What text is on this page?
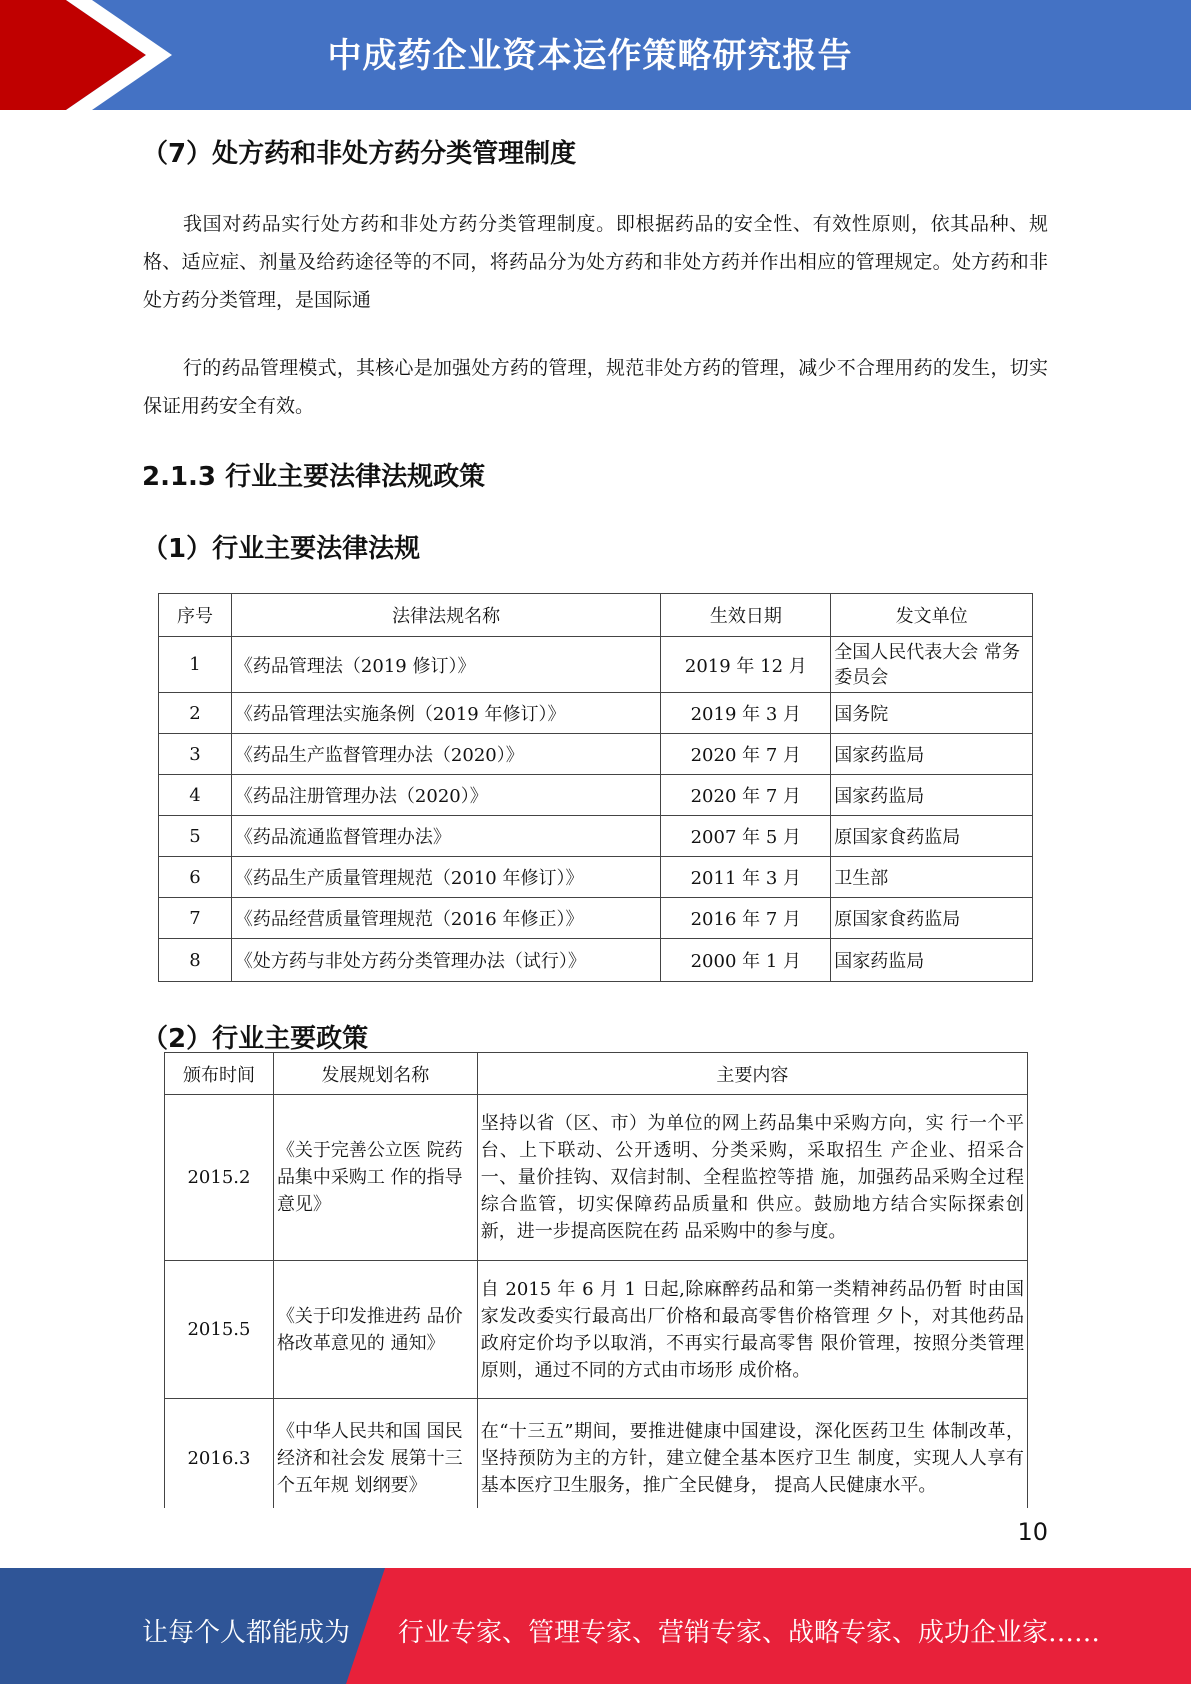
中成药企业资本运作策略研究报告
（7）处方药和非处方药分类管理制度
我国对药品实行处方药和非处方药分类管理制度。即根据药品的安全性、有效性原则，依其品种、规格、适应症、剂量及给药途径等的不同，将药品分为处方药和非处方药并作出相应的管理规定。处方药和非处方药分类管理，是国际通
行的药品管理模式，其核心是加强处方药的管理，规范非处方药的管理，减少不合理用药的发生，切实保证用药安全有效。
2.1.3 行业主要法律法规政策
（1）行业主要法律法规
序号	法律法规名称	生效日期	发文单位
1	《药品管理法（2019 修订）》	2019 年 12 月	全国人民代表大会 常务委员会
2	《药品管理法实施条例（2019 年修订）》	2019 年 3 月	国务院
3	《药品生产监督管理办法（2020）》	2020 年 7 月	国家药监局
4	《药品注册管理办法（2020）》	2020 年 7 月	国家药监局
5	《药品流通监督管理办法》	2007 年 5 月	原国家食药监局
6	《药品生产质量管理规范（2010 年修订）》	2011 年 3 月	卫生部
7	《药品经营质量管理规范（2016 年修正）》	2016 年 7 月	原国家食药监局
8	《处方药与非处方药分类管理办法（试行）》	2000 年 1 月	国家药监局
（2）行业主要政策
颁布时间	发展规划名称	主要内容
2015.2	《关于完善公立医 院药品集中采购工 作的指导意见》	坚持以省（区、市）为单位的网上药品集中采购方向，实 行一个平台、上下联动、公开透明、分类采购，采取招生 产企业、招采合一、量价挂钩、双信封制、全程监控等措 施，加强药品采购全过程综合监管，切实保障药品质量和 供应。鼓励地方结合实际探索创新，进一步提高医院在药 品采购中的参与度。
2015.5	《关于印发推进药 品价格改革意见的 通知》	自 2015 年 6 月 1 日起,除麻醉药品和第一类精神药品仍暂 时由国家发改委实行最高出厂价格和最高零售价格管理 夕卜，对其他药品政府定价均予以取消，不再实行最高零售 限价管理，按照分类管理原则，通过不同的方式由市场形 成价格。
2016.3	《中华人民共和国 国民经济和社会发 展第十三个五年规 划纲要》	在“十三五”期间，要推进健康中国建设，深化医药卫生 体制改革，坚持预防为主的方针，建立健全基本医疗卫生 制度，实现人人享有基本医疗卫生服务，推广全民健身， 提高人民健康水平。
10
让每个人都能成为 行业专家、管理专家、营销专家、战略专家、成功企业家……
